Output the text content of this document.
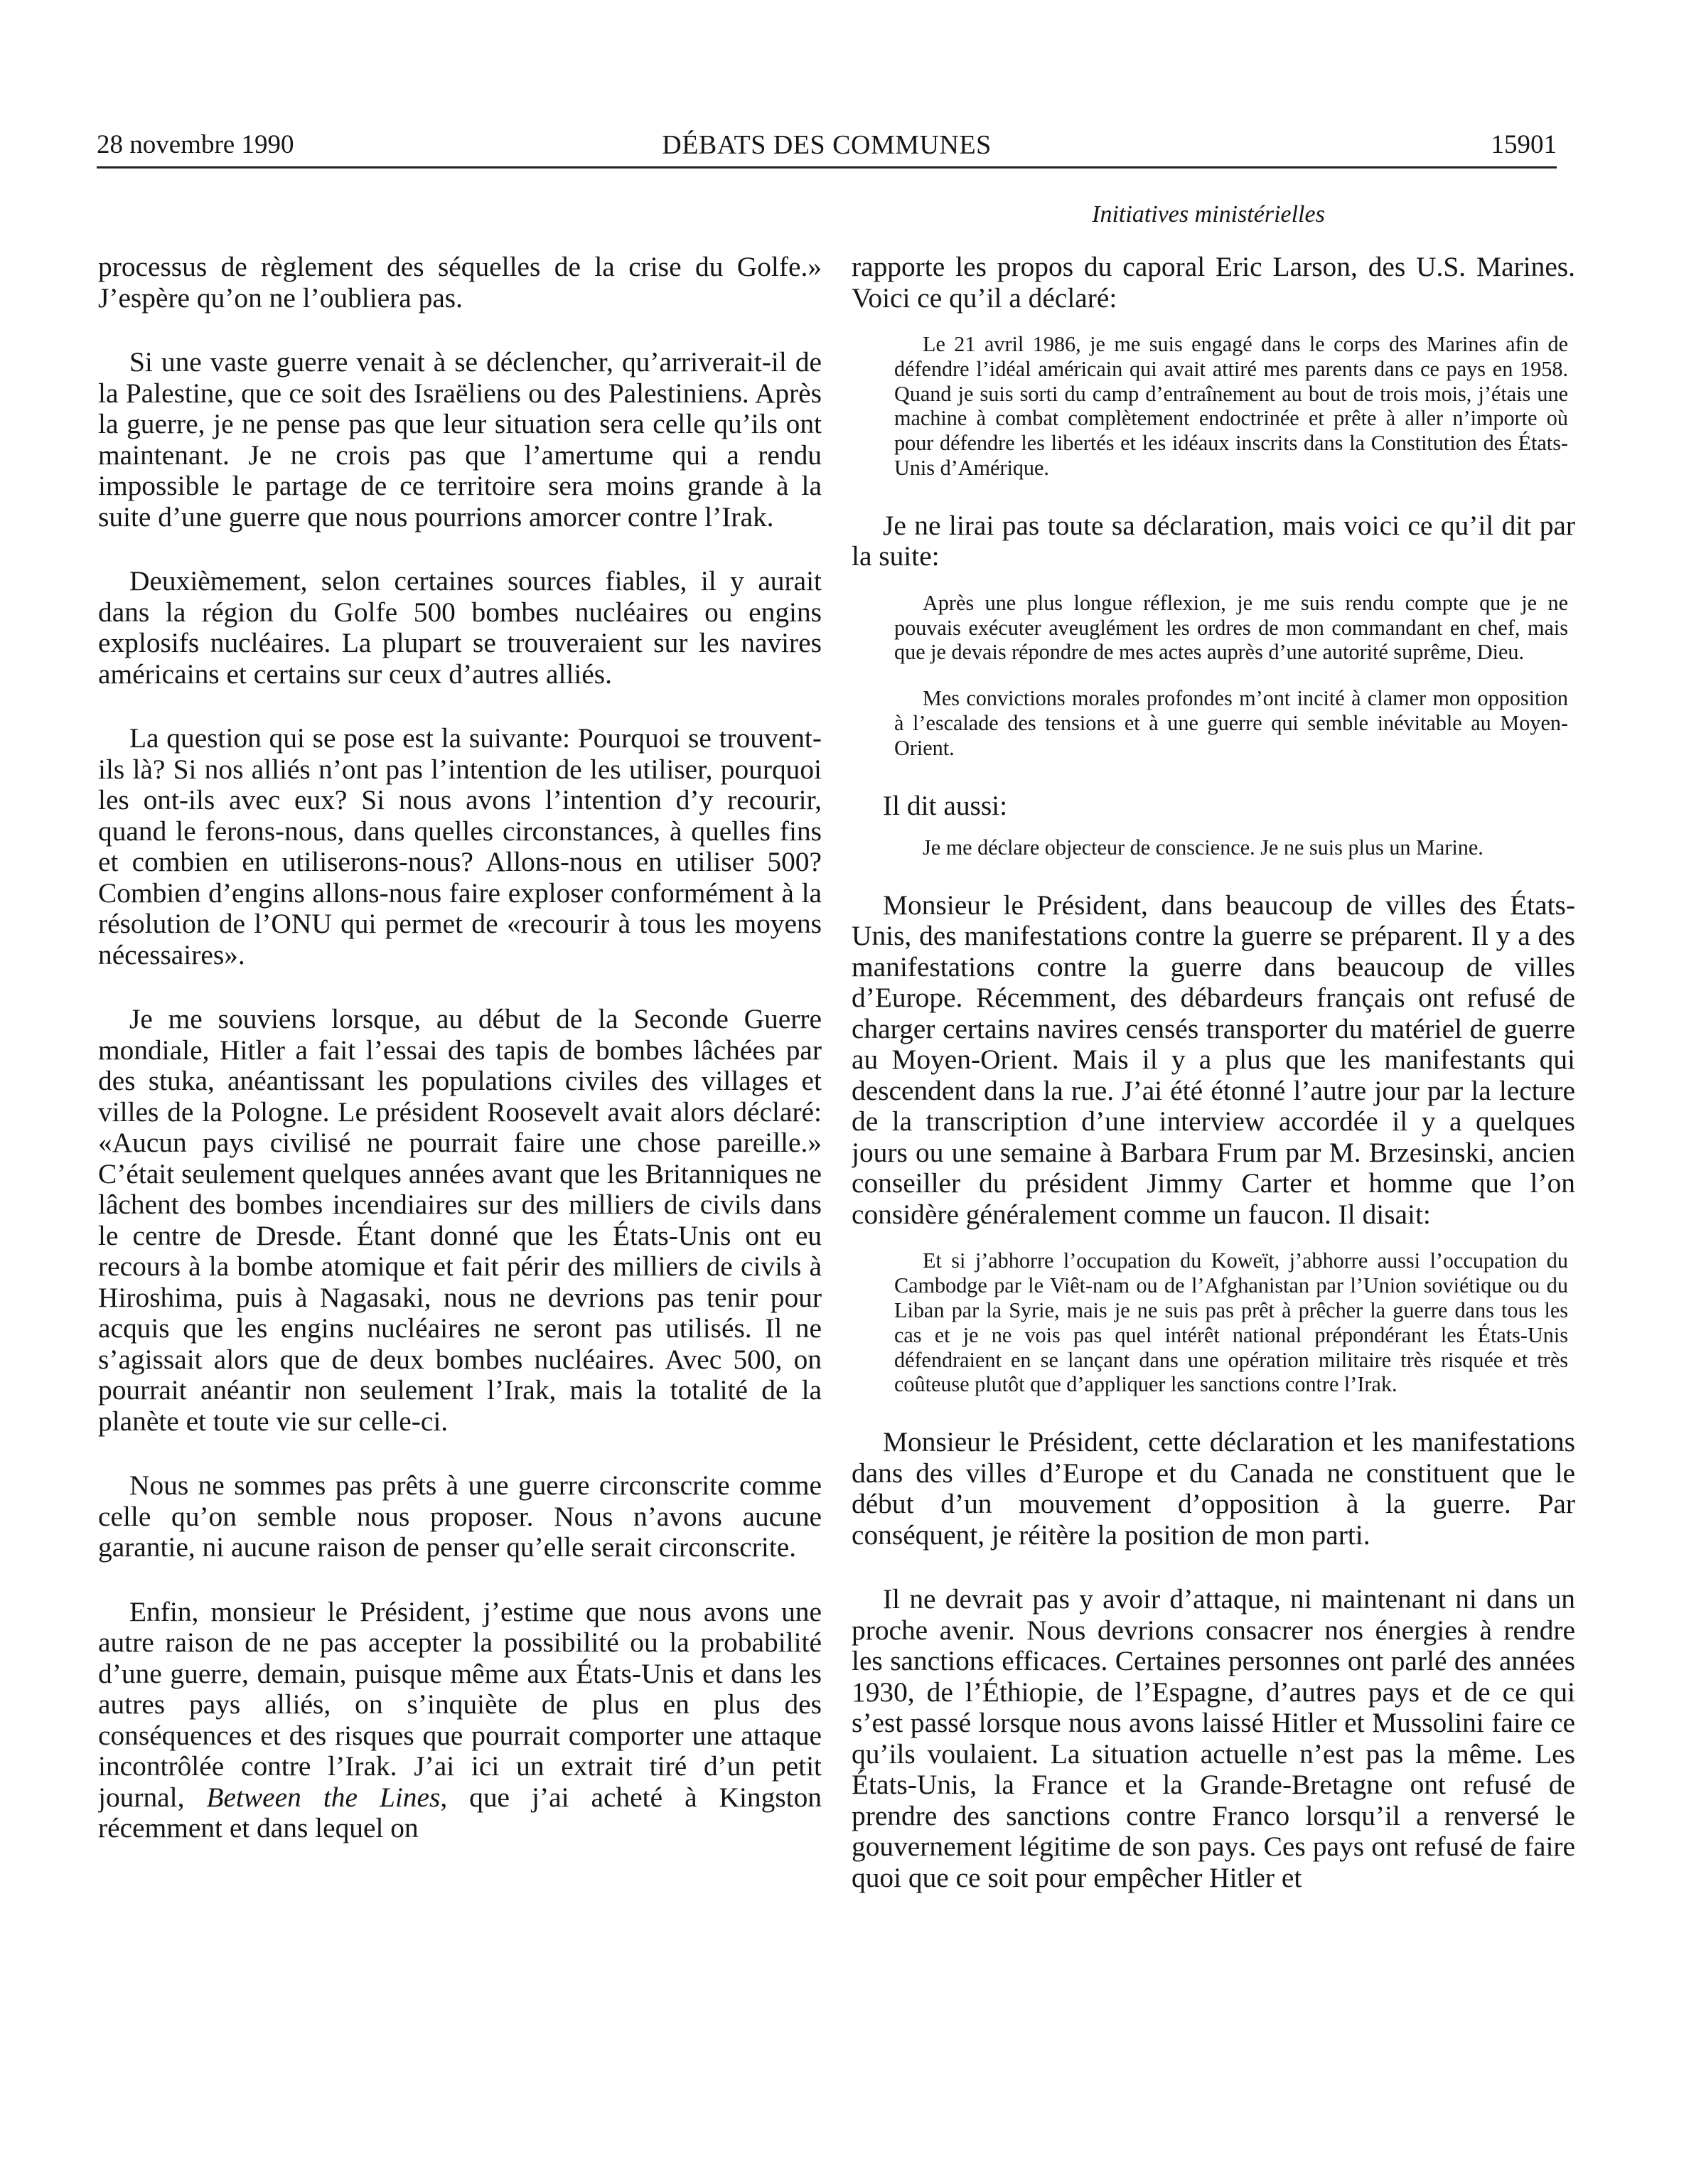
28 novembre 1990	DÉBATS DES COMMUNES	15901
Initiatives ministérielles

processus de règlement des séquelles de la crise du Golfe.» J’espère qu’on ne l’oubliera pas.

Si une vaste guerre venait à se déclencher, qu’arriverait-il de la Palestine, que ce soit des Israëliens ou des Palestiniens. Après la guerre, je ne pense pas que leur situation sera celle qu’ils ont maintenant. Je ne crois pas que l’amertume qui a rendu impossible le partage de ce territoire sera moins grande à la suite d’une guerre que nous pourrions amorcer contre l’Irak.

Deuxièmement, selon certaines sources fiables, il y aurait dans la région du Golfe 500 bombes nucléaires ou engins explosifs nucléaires. La plupart se trouveraient sur les navires américains et certains sur ceux d’autres alliés.

La question qui se pose est la suivante: Pourquoi se trouvent-ils là? Si nos alliés n’ont pas l’intention de les utiliser, pourquoi les ont-ils avec eux? Si nous avons l’intention d’y recourir, quand le ferons-nous, dans quelles circonstances, à quelles fins et combien en utiliserons-nous? Allons-nous en utiliser 500? Combien d’engins allons-nous faire exploser conformément à la résolution de l’ONU qui permet de «recourir à tous les moyens nécessaires».

Je me souviens lorsque, au début de la Seconde Guerre mondiale, Hitler a fait l’essai des tapis de bombes lâchées par des stuka, anéantissant les populations civiles des villages et villes de la Pologne. Le président Roosevelt avait alors déclaré: «Aucun pays civilisé ne pourrait faire une chose pareille.» C’était seulement quelques années avant que les Britanniques ne lâchent des bombes incendiaires sur des milliers de civils dans le centre de Dresde. Étant donné que les États-Unis ont eu recours à la bombe atomique et fait périr des milliers de civils à Hiroshima, puis à Nagasaki, nous ne devrions pas tenir pour acquis que les engins nucléaires ne seront pas utilisés. Il ne s’agissait alors que de deux bombes nucléaires. Avec 500, on pourrait anéantir non seulement l’Irak, mais la totalité de la planète et toute vie sur celle-ci.

Nous ne sommes pas prêts à une guerre circonscrite comme celle qu’on semble nous proposer. Nous n’avons aucune garantie, ni aucune raison de penser qu’elle serait circonscrite.

Enfin, monsieur le Président, j’estime que nous avons une autre raison de ne pas accepter la possibilité ou la probabilité d’une guerre, demain, puisque même aux États-Unis et dans les autres pays alliés, on s’inquiète de plus en plus des conséquences et des risques que pourrait comporter une attaque incontrôlée contre l’Irak. J’ai ici un extrait tiré d’un petit journal, Between the Lines, que j’ai acheté à Kingston récemment et dans lequel on

rapporte les propos du caporal Eric Larson, des U.S. Marines. Voici ce qu’il a déclaré:

Le 21 avril 1986, je me suis engagé dans le corps des Marines afin de défendre l’idéal américain qui avait attiré mes parents dans ce pays en 1958. Quand je suis sorti du camp d’entraînement au bout de trois mois, j’étais une machine à combat complètement endoctrinée et prête à aller n’importe où pour défendre les libertés et les idéaux inscrits dans la Constitution des États-Unis d’Amérique.

Je ne lirai pas toute sa déclaration, mais voici ce qu’il dit par la suite:

Après une plus longue réflexion, je me suis rendu compte que je ne pouvais exécuter aveuglément les ordres de mon commandant en chef, mais que je devais répondre de mes actes auprès d’une autorité suprême, Dieu.

Mes convictions morales profondes m’ont incité à clamer mon opposition à l’escalade des tensions et à une guerre qui semble inévitable au Moyen-Orient.

Il dit aussi:

Je me déclare objecteur de conscience. Je ne suis plus un Marine.

Monsieur le Président, dans beaucoup de villes des États-Unis, des manifestations contre la guerre se préparent. Il y a des manifestations contre la guerre dans beaucoup de villes d’Europe. Récemment, des débardeurs français ont refusé de charger certains navires censés transporter du matériel de guerre au Moyen-Orient. Mais il y a plus que les manifestants qui descendent dans la rue. J’ai été étonné l’autre jour par la lecture de la transcription d’une interview accordée il y a quelques jours ou une semaine à Barbara Frum par M. Brzesinski, ancien conseiller du président Jimmy Carter et homme que l’on considère généralement comme un faucon. Il disait:

Et si j’abhorre l’occupation du Koweït, j’abhorre aussi l’occupation du Cambodge par le Viêt-nam ou de l’Afghanistan par l’Union soviétique ou du Liban par la Syrie, mais je ne suis pas prêt à prêcher la guerre dans tous les cas et je ne vois pas quel intérêt national prépondérant les États-Unis défendraient en se lançant dans une opération militaire très risquée et très coûteuse plutôt que d’appliquer les sanctions contre l’Irak.

Monsieur le Président, cette déclaration et les manifestations dans des villes d’Europe et du Canada ne constituent que le début d’un mouvement d’opposition à la guerre. Par conséquent, je réitère la position de mon parti.

Il ne devrait pas y avoir d’attaque, ni maintenant ni dans un proche avenir. Nous devrions consacrer nos énergies à rendre les sanctions efficaces. Certaines personnes ont parlé des années 1930, de l’Éthiopie, de l’Espagne, d’autres pays et de ce qui s’est passé lorsque nous avons laissé Hitler et Mussolini faire ce qu’ils voulaient. La situation actuelle n’est pas la même. Les États-Unis, la France et la Grande-Bretagne ont refusé de prendre des sanctions contre Franco lorsqu’il a renversé le gouvernement légitime de son pays. Ces pays ont refusé de faire quoi que ce soit pour empêcher Hitler et
